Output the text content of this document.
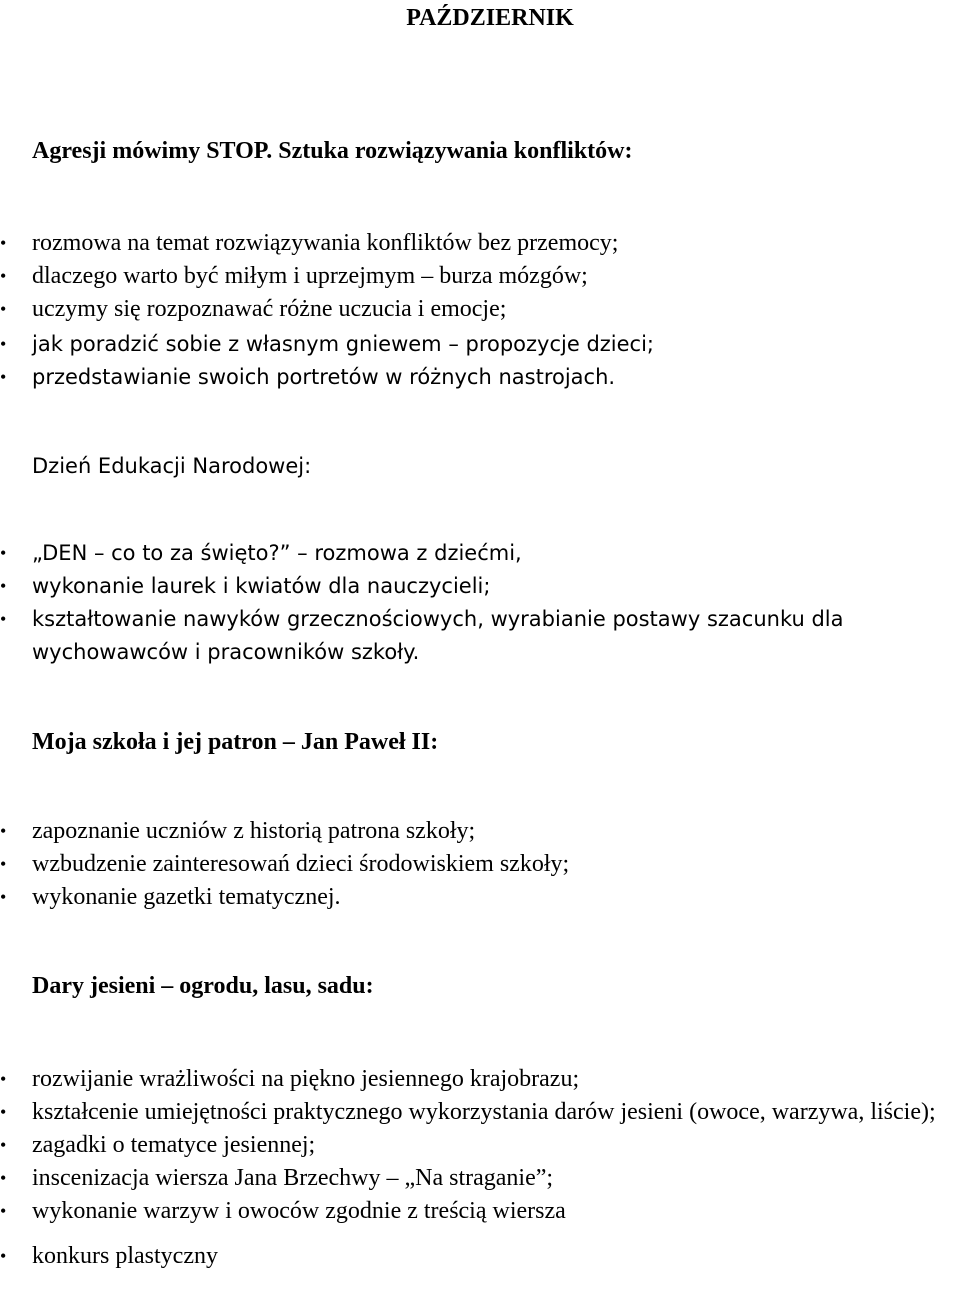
PAŹDZIERNIK
Agresji mówimy STOP. Sztuka rozwiązywania konfliktów:
• rozmowa na temat rozwiązywania konfliktów bez przemocy;
• dlaczego warto być miłym i uprzejmym – burza mózgów;
• uczymy się rozpoznawać różne uczucia i emocje;
• jak poradzić sobie z własnym gniewem – propozycje dzieci;
• przedstawianie swoich portretów w różnych nastrojach.
Dzień Edukacji Narodowej:
• „DEN – co to za święto?” – rozmowa z dziećmi,
• wykonanie laurek i kwiatów dla nauczycieli;
• kształtowanie nawyków grzecznościowych, wyrabianie postawy szacunku dla wychowawców i pracowników szkoły.
Moja szkoła i jej patron – Jan Paweł II:
• zapoznanie uczniów z historią patrona szkoły;
• wzbudzenie zainteresowań dzieci środowiskiem szkoły;
• wykonanie gazetki tematycznej.
Dary jesieni – ogrodu, lasu, sadu:
• rozwijanie wrażliwości na piękno jesiennego krajobrazu;
• kształcenie umiejętności praktycznego wykorzystania darów jesieni (owoce, warzywa, liście);
• zagadki o tematyce jesiennej;
• inscenizacja wiersza Jana Brzechwy – „Na straganie”;
• wykonanie warzyw i owoców zgodnie z treścią wiersza
• konkurs plastyczny
